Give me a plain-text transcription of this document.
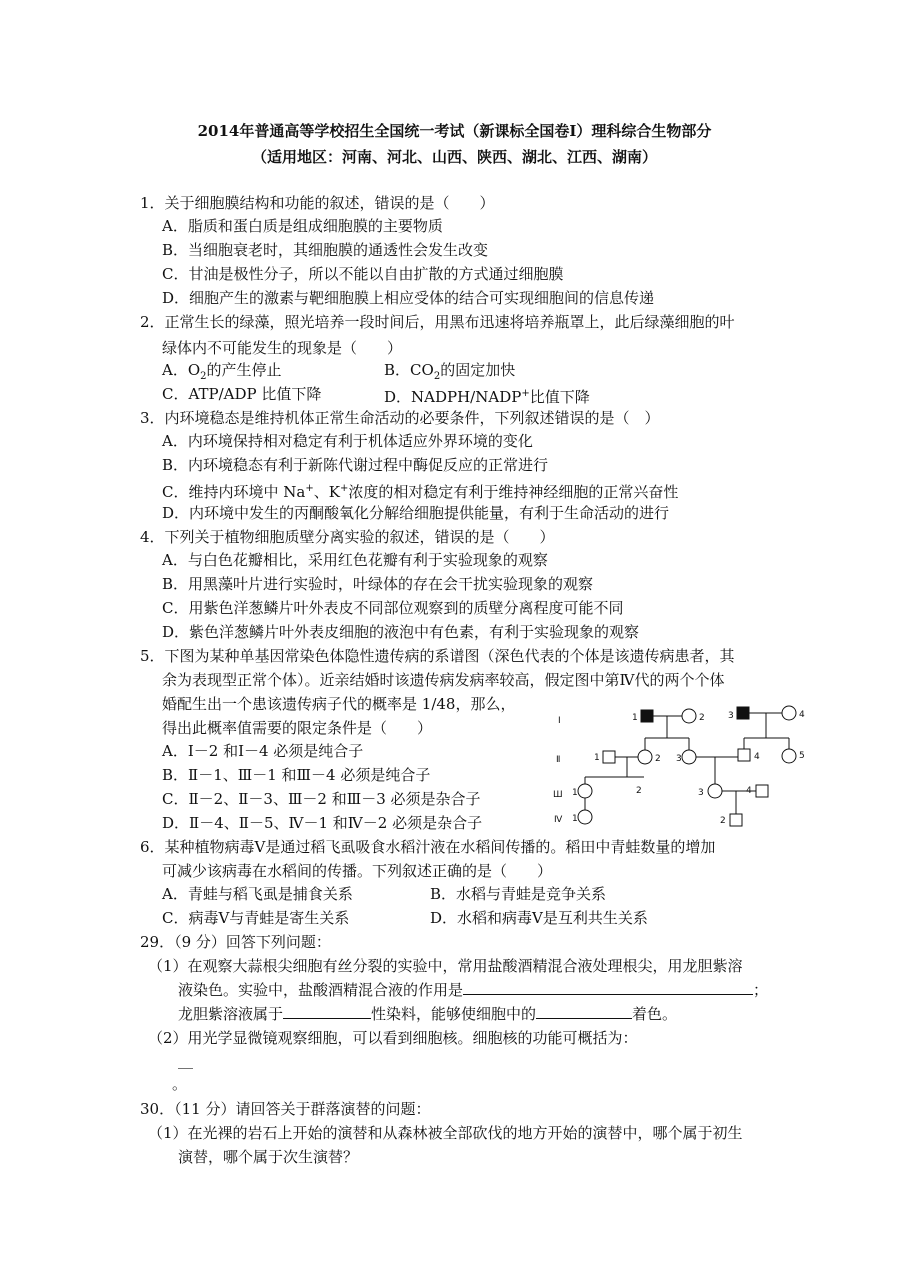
2014年普通高等学校招生全国统一考试（新课标全国卷Ⅰ）理科综合生物部分
（适用地区：河南、河北、山西、陕西、湖北、江西、湖南）
1．关于细胞膜结构和功能的叙述，错误的是（　　）
A．脂质和蛋白质是组成细胞膜的主要物质
B．当细胞衰老时，其细胞膜的通透性会发生改变
C．甘油是极性分子，所以不能以自由扩散的方式通过细胞膜
D．细胞产生的激素与靶细胞膜上相应受体的结合可实现细胞间的信息传递
2．正常生长的绿藻，照光培养一段时间后，用黑布迅速将培养瓶罩上，此后绿藻细胞的叶
绿体内不可能发生的现象是（　　）
A．$O_2$的产生停止	B．$CO_2$的固定加快
C．ATP/ADP 比值下降	D．NADPH/NADP+比值下降
3．内环境稳态是维持机体正常生命活动的必要条件，下列叙述错误的是（　）
A．内环境保持相对稳定有利于机体适应外界环境的变化
B．内环境稳态有利于新陈代谢过程中酶促反应的正常进行
C．维持内环境中 Na+、K+浓度的相对稳定有利于维持神经细胞的正常兴奋性
D．内环境中发生的丙酮酸氧化分解给细胞提供能量，有利于生命活动的进行
4．下列关于植物细胞质壁分离实验的叙述，错误的是（　　）
A．与白色花瓣相比，采用红色花瓣有利于实验现象的观察
B．用黑藻叶片进行实验时，叶绿体的存在会干扰实验现象的观察
C．用紫色洋葱鳞片叶外表皮不同部位观察到的质壁分离程度可能不同
D．紫色洋葱鳞片叶外表皮细胞的液泡中有色素，有利于实验现象的观察
5．下图为某种单基因常染色体隐性遗传病的系谱图（深色代表的个体是该遗传病患者，其
余为表现型正常个体）。近亲结婚时该遗传病发病率较高，假定图中第Ⅳ代的两个个体
婚配生出一个患该遗传病子代的概率是 1/48，那么，
得出此概率值需要的限定条件是（　　）
A．Ⅰ－2 和Ⅰ－4 必须是纯合子
B．Ⅱ－1、Ⅲ－1 和Ⅲ－4 必须是纯合子
C．Ⅱ－2、Ⅱ－3、Ⅲ－2 和Ⅲ－3 必须是杂合子
D．Ⅱ－4、Ⅱ－5、Ⅳ－1 和Ⅳ－2 必须是杂合子
Ⅰ
Ⅱ
Ш
Ⅳ
1	2	3	4
1	2 3	4	5
1	2	3	4
1	2
6．某种植物病毒Ⅴ是通过稻飞虱吸食水稻汁液在水稻间传播的。稻田中青蛙数量的增加
可减少该病毒在水稻间的传播。下列叙述正确的是（　　）
A．青蛙与稻飞虱是捕食关系	B．水稻与青蛙是竞争关系
C．病毒Ⅴ与青蛙是寄生关系	D．水稻和病毒Ⅴ是互利共生关系
29．（9 分）回答下列问题：
（1）在观察大蒜根尖细胞有丝分裂的实验中，常用盐酸酒精混合液处理根尖，用龙胆紫溶
液染色。实验中，盐酸酒精混合液的作用是	；
龙胆紫溶液属于	性染料，能够使细胞中的	着色。
（2）用光学显微镜观察细胞，可以看到细胞核。细胞核的功能可概括为：
__
。
30．（11 分）请回答关于群落演替的问题：
（1）在光裸的岩石上开始的演替和从森林被全部砍伐的地方开始的演替中，哪个属于初生
演替，哪个属于次生演替？
